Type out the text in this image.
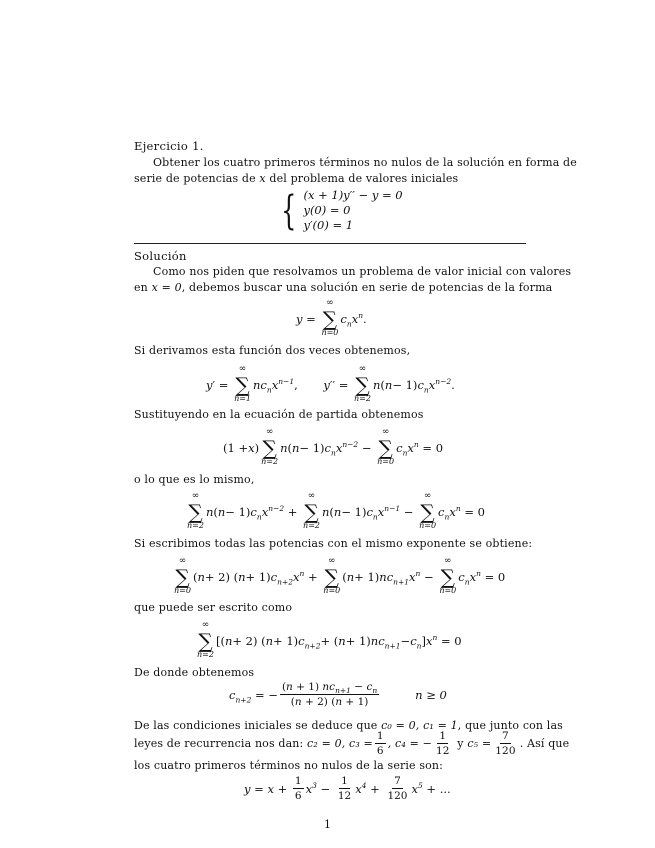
Ejercicio 1.
Obtener los cuatro primeros términos no nulos de la solución en forma de
serie de potencias de x del problema de valores iniciales
{ (x + 1)y′′ − y = 0
y(0) = 0
y′(0) = 1
Solución
Como nos piden que resolvamos un problema de valor inicial con valores
en x = 0, debemos buscar una solución en serie de potencias de la forma
y =
∞
∑
n=0
$c_nx^n$ .
Si derivamos esta función dos veces obtenemos,
y ′ =
∞
∑
n=1
$nc_nx^{n-1}$ , y ′′ =
∞
∑
n=2
n ( n − 1) $c_nx^{n-2}$ .
Sustituyendo en la ecuación de partida obtenemos
(1 + x )
∞
∑
n=2
n ( n − 1) $c_nx^{n-2}$ −
∞
∑
n=0
$c_nx^n = 0$
o lo que es lo mismo,
∞
∑
n=2
n ( n − 1) $c_nx^{n-2}$ +
∞
∑
n=2
n ( n − 1) $c_nx^{n-1}$ −
∞
∑
n=0
$c_nx^n = 0$
Si escribimos todas las potencias con el mismo exponente se obtiene:
∞
∑
n=0
( n + 2) ( n + 1) $c_{n+2}x^n$ +
∞
∑
n=0
( n + 1) $nc_{n+1}x^n$ −
∞
∑
n=0
$c_nx^n = 0$
que puede ser escrito como
∞
∑
n=2
[( n + 2) ( n + 1) $c_{n+2}$ + ( n + 1) $nc_{n+1} - c_n$ ] $x^n = 0$
De donde obtenemos
$c_{n+2}$ = − $\frac{(n + 1) nc_{n+1} - c_n}{(n + 2) (n + 1)}$	n ≥ 0
De las condiciones iniciales se deduce que c₀ = 0, c₁ = 1, que junto con las
leyes de recurrencia nos dan:
c₂ = 0,
$c_3 = \frac{1}{6}$ , c₄ = − $\frac{1}{12}$
y
$c_5 = \frac{7}{120}$ . Así que
los cuatro primeros términos no nulos de la serie son:
$y = x + \frac{1}{6} x^3 - \frac{1}{12} x^4 + \frac{7}{120} x^5$ + ...
1
